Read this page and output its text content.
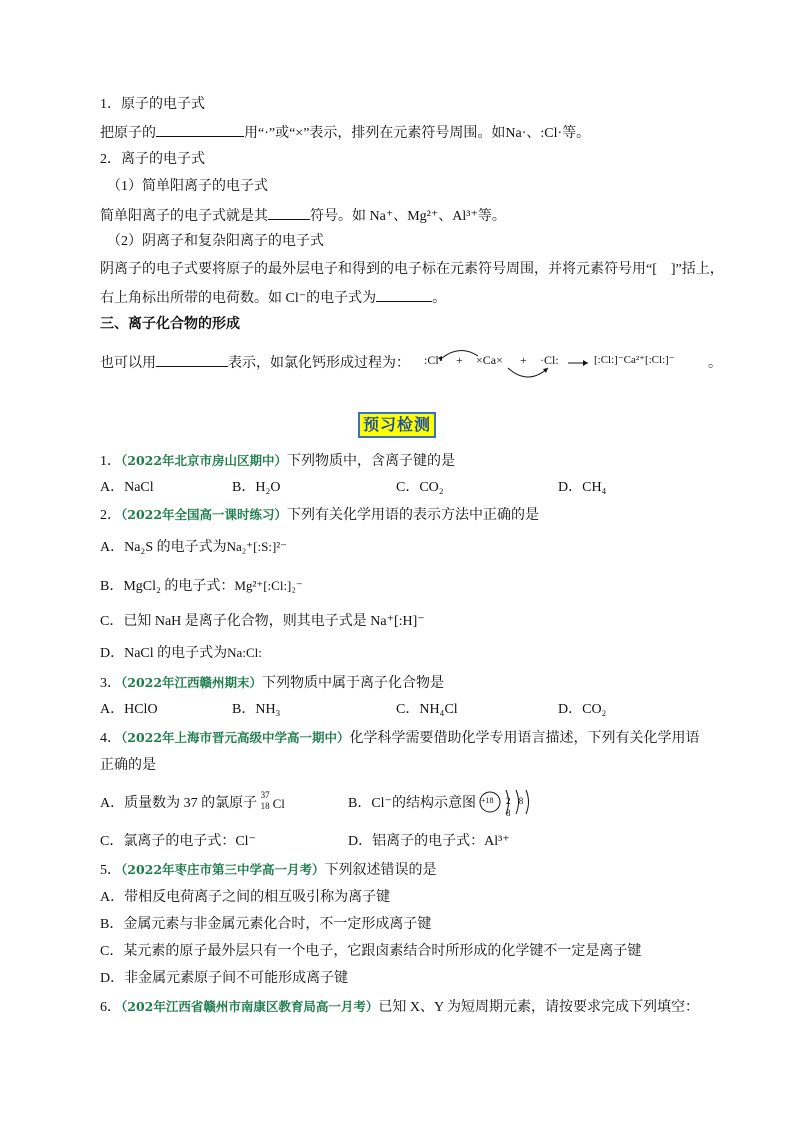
1．原子的电子式
把原子的	用“·”或“×”表示，排列在元素符号周围。如Na·、:Cl·等。
2．离子的电子式
（1）简单阳离子的电子式
简单阳离子的电子式就是其	符号。如 Na⁺、Mg²⁺、Al³⁺等。
（2）阴离子和复杂阳离子的电子式
阴离子的电子式要将原子的最外层电子和得到的电子标在元素符号周围，并将元素符号用“[　]”括上，
右上角标出所带的电荷数。如 Cl⁻的电子式为	。
三、离子化合物的形成
也可以用	表示，如氯化钙形成过程为： :Cl· + ×Ca× + ·Cl:	[:Cl:]⁻Ca²⁺[:Cl:]⁻ 。
预习检测
1．（2022年北京市房山区期中）下列物质中，含离子键的是
A．NaCl	B．H₂O	C．CO₂	D．CH₄
2．（2022年全国高一课时练习）下列有关化学用语的表示方法中正确的是
A．Na₂S 的电子式为Na₂⁺[:S:]²⁻
B．MgCl₂ 的电子式：Mg²⁺[:Cl:]₂⁻
C．已知 NaH 是离子化合物，则其电子式是 Na⁺[:H]⁻
D．NaCl 的电子式为Na:Cl:
3．（2022年江西赣州期末）下列物质中属于离子化合物是
A．HClO	B．NH₃	C．NH₄Cl	D．CO₂
4．（2022年上海市晋元高级中学高一期中）化学科学需要借助化学专用语言描述，下列有关化学用语
正确的是
A．质量数为 37 的氯原子
37
18 Cl	B．Cl⁻的结构示意图 +18 2 8 8
C．氯离子的电子式：Cl⁻	D．铝离子的电子式：Al³⁺
5．（2022年枣庄市第三中学高一月考）下列叙述错误的是
A．带相反电荷离子之间的相互吸引称为离子键
B．金属元素与非金属元素化合时，不一定形成离子键
C．某元素的原子最外层只有一个电子，它跟卤素结合时所形成的化学键不一定是离子键
D．非金属元素原子间不可能形成离子键
6．（202年江西省赣州市南康区教育局高一月考）已知 X、Y 为短周期元素，请按要求完成下列填空：
